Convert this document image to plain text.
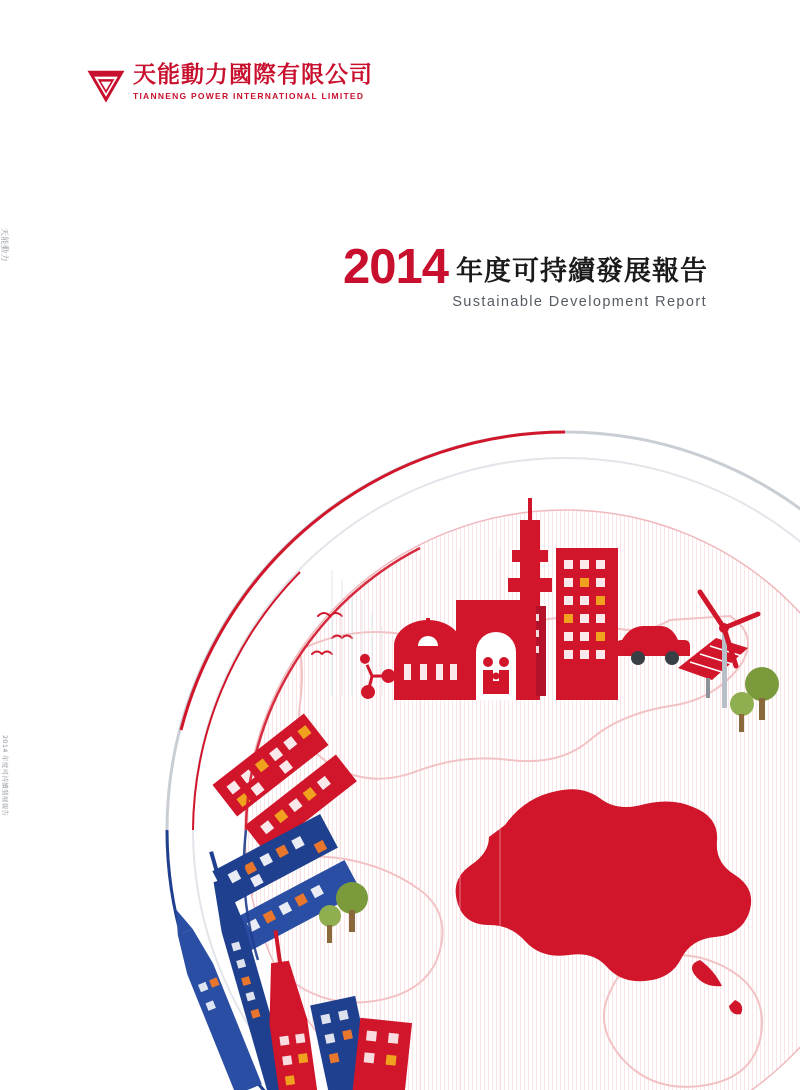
天能動力國際有限公司
TIANNENG POWER INTERNATIONAL LIMITED
2014 年度可持續發展報告
Sustainable Development Report
天能動力
2014 年度可持續發展報告
